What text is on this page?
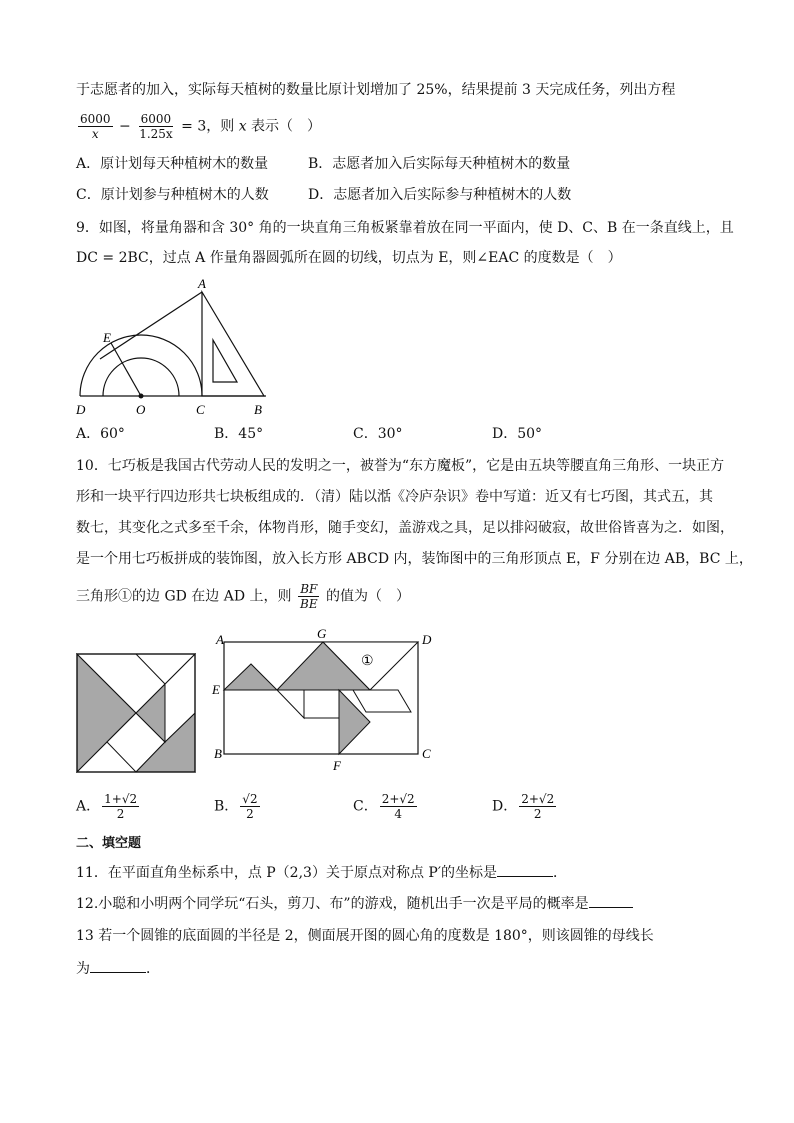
于志愿者的加入，实际每天植树的数量比原计划增加了 25%，结果提前 3 天完成任务，列出方程
$\frac{6000}{x} - \frac{6000}{1.25x} = 3$，则 x 表示（　）
A．原计划每天种植树木的数量	B．志愿者加入后实际每天种植树木的数量
C．原计划参与种植树木的人数	D．志愿者加入后实际参与种植树木的人数
9．如图，将量角器和含 30° 角的一块直角三角板紧靠着放在同一平面内，使 D、C、B 在一条直线上，且
DC = 2BC，过点 A 作量角器圆弧所在圆的切线，切点为 E，则∠EAC 的度数是（　）
A
E
D	O	C	B
A．60°	B．45°	C．30°	D．50°
10．七巧板是我国古代劳动人民的发明之一，被誉为“东方魔板”，它是由五块等腰直角三角形、一块正方
形和一块平行四边形共七块板组成的．（清）陆以湉《冷庐杂识》卷中写道：近又有七巧图，其式五，其
数七，其变化之式多至千余，体物肖形，随手变幻，盖游戏之具，足以排闷破寂，故世俗皆喜为之．如图，
是一个用七巧板拼成的装饰图，放入长方形 ABCD 内，装饰图中的三角形顶点 E，F 分别在边 AB，BC 上，
三角形①的边 GD 在边 AD 上，则 $\frac{BF}{BE}$ 的值为（　）
A	G	D
E
B
F
C
①
A． $\frac{1+√2}{2}$	B． $\frac{√2}{2}$	C． $\frac{2+√2}{4}$	D． $\frac{2+√2}{2}$
二、填空题
11．在平面直角坐标系中，点 P（2,3）关于原点对称点 P′的坐标是	．
12.小聪和小明两个同学玩“石头，剪刀、布”的游戏，随机出手一次是平局的概率是
13 若一个圆锥的底面圆的半径是 2，侧面展开图的圆心角的度数是 180°，则该圆锥的母线长
为	．
